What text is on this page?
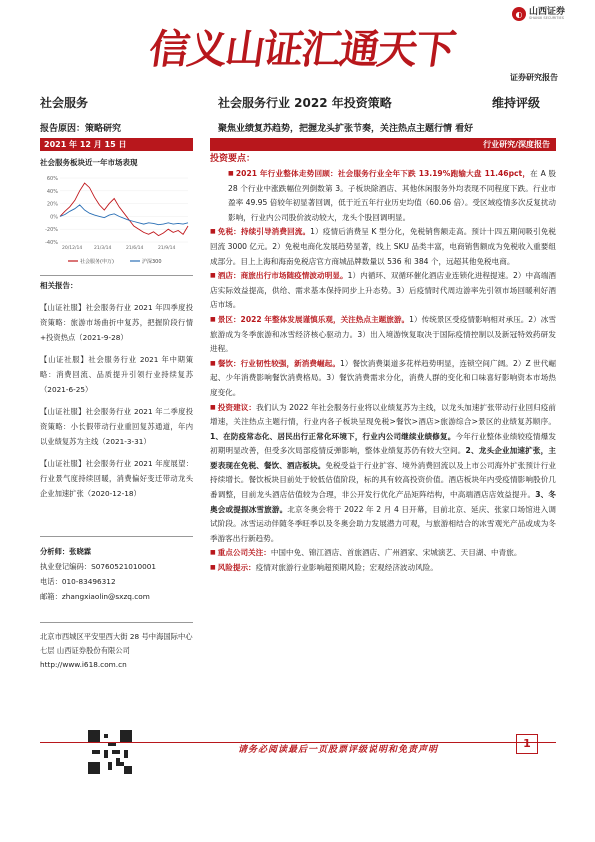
信义山证汇通天下
◐ 山西证券
SHANXI SECURITIES
证券研究报告
社会服务	社会服务行业 2022 年投资策略	维持评级
报告原因：策略研究	聚焦业绩复苏趋势，把握龙头扩张节奏，关注热点主题行情 看好
2021 年 12 月 15 日	行业研究/深度报告
社会服务板块近一年市场表现
60%
40%
20%
0%
-20%
-40%
20/12/14	21/3/14	21/6/14	21/9/14
社会服务(申万)	沪深300
相关报告：

【山证社服】社会服务行业 2021 年四季度投资策略：旅游市场曲折中复苏，把握阶段行情+投资热点（2021-9-28）

【山证社服】社会服务行业 2021 年中期策略：消费回流、品质提升引领行业持续复苏（2021-6-25）

【山证社服】社会服务行业 2021 年二季度投资策略：小长假带动行业重回复苏通道，年内以业绩复苏为主线（2021-3-31）

【山证社服】社会服务行业 2021 年度展望：行业景气度持续回暖，消费偏好变迁带动龙头企业加速扩张（2020-12-18）

分析师：张晓霖
执业登记编码：S0760521010001
电话：010-83496312
邮箱：zhangxiaolin@sxzq.com
北京市西城区平安里西大街 28 号中海国际中心七层 山西证券股份有限公司 http://www.i618.com.cn
投资要点：

■ 2021 年行业整体走势回顾：社会服务行业全年下跌 13.19%跑输大盘 11.46pct，在 A 股 28 个行业中涨跌幅位列倒数第 3。子板块除酒店、其他休闲服务外均表现不同程度下跌。行业市盈率 49.95 倍较年初显著回调，低于近五年行业历史均值（60.06 倍）。受区域疫情多次反复扰动影响，行业内公司股价波动较大，龙头个股回调明显。

■ 免税：持续引导消费回流。1）疫情后消费呈 K 型分化，免税销售额走高。预计十四五期间吸引免税回流 3000 亿元。2）免税电商化发展趋势显著，线上 SKU 品类丰富，电商销售额成为免税收入重要组成部分。目上上海和海南免税店官方商城品牌数量以 536 和 384 个，远超其他免税电商。

■ 酒店：商旅出行市场随疫情波动明显。1）内循环、双循环催化酒店业连锁化进程提速。2）中高端酒店实际效益提高，供给、需求基本保持同步上升态势。3）后疫情时代周边游率先引领市场回暖利好酒店市场。

■ 景区：2022 年整体发展谨慎乐观，关注热点主题旅游。1）传统景区受疫情影响相对承压。2）冰雪旅游成为冬季旅游和冰雪经济核心驱动力。3）出入境游恢复取决于国际疫情控制以及新冠特效药研发进程。

■ 餐饮：行业韧性较强，新消费崛起。1）餐饮消费渠道多花样趋势明显，连锁空间广阔。2）Z 世代崛起、少年消费影响餐饮消费格局。3）餐饮消费需求分化，消费人群的变化和口味喜好影响资本市场热度变化。

■ 投资建议：我们认为 2022 年社会服务行业将以业绩复苏为主线，以龙头加速扩张带动行业回归疫前增速，关注热点主题行情，行业内各子板块呈现免税>餐饮>酒店>旅游综合>景区的业绩复苏顺序。1、在防疫常态化、居民出行正常化环境下，行业内公司继续业绩修复。今年行业整体业绩较疫情爆发初期明显改善，但受多次局部疫情反弹影响，整体业绩复苏仍有较大空间。2、龙头企业加速扩张，主要表现在免税、餐饮、酒店板块。免税受益于行业扩容、境外消费回流以及上市公司海外扩张预计行业持续增长。餐饮板块目前处于较低估值阶段，标的具有较高投资价值。酒店板块年内受疫情影响股价几番调整，目前龙头酒店估值较为合理，非公开发行优化产品矩阵结构，中高端酒店店效益提升。3、冬奥会或提振冰雪旅游。北京冬奥会将于 2022 年 2 月 4 日开幕，目前北京、延庆、张家口场馆进入调试阶段。冰雪运动伴随冬季旺季以及冬奥会助力发展潜力可观，与旅游相结合的冰雪观光产品或成为冬季游客出行新趋势。

■ 重点公司关注：中国中免、锦江酒店、首旅酒店、广州酒家、宋城演艺、天目湖、中青旅。

■ 风险提示：疫情对旅游行业影响超预期风险；宏观经济波动风险。

请务必阅读最后一页股票评级说明和免责声明	1
